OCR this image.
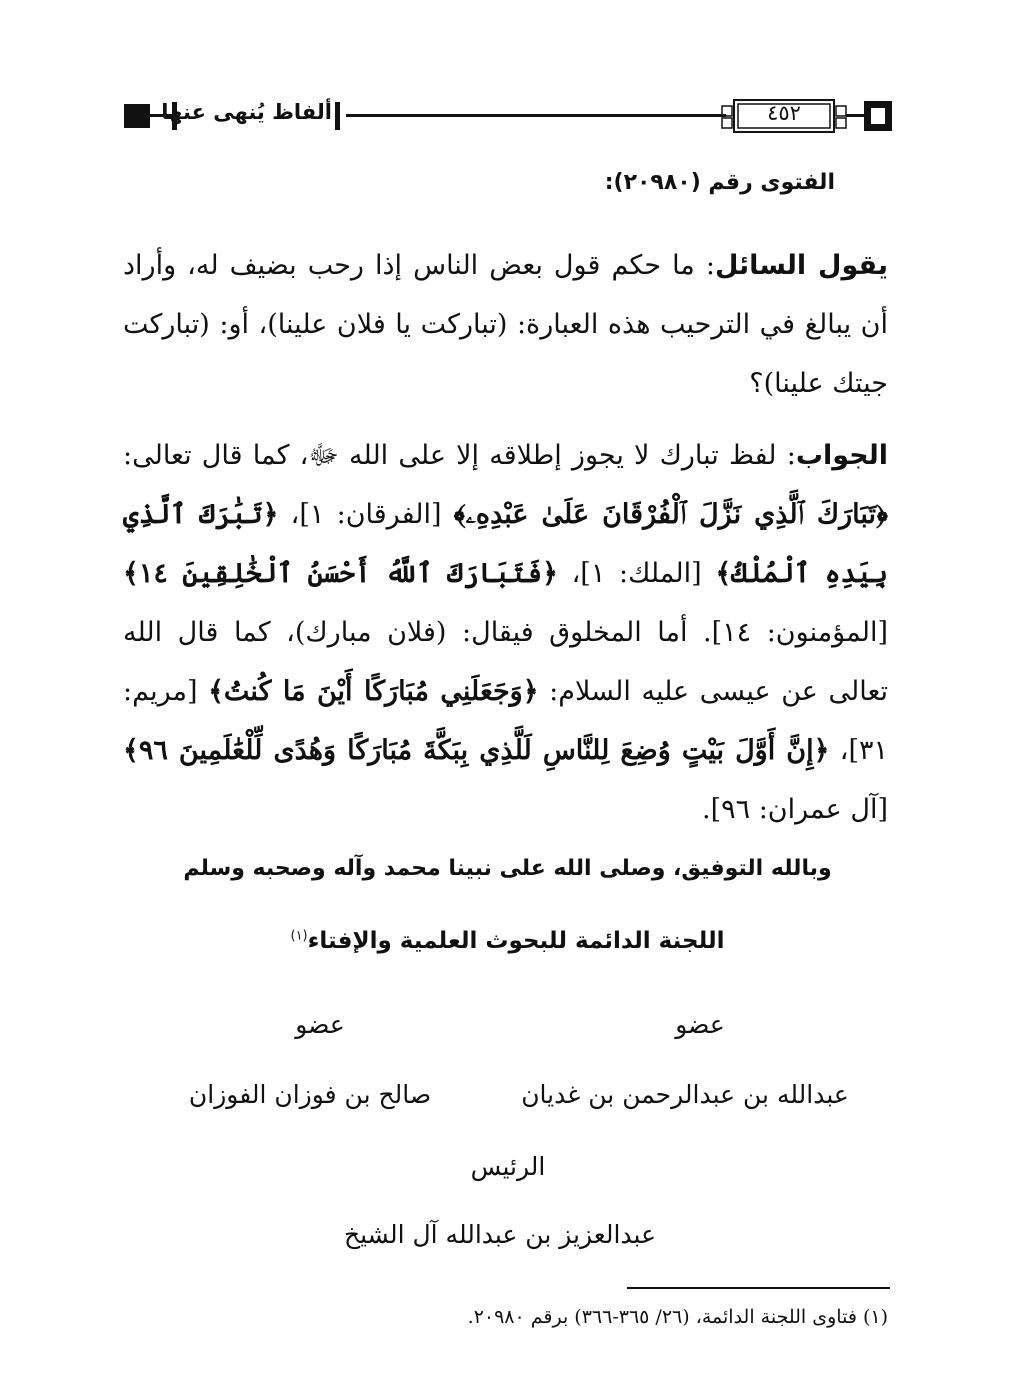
ألفاظ يُنهى عنها	٤٥٢
الفتوى رقم (٢٠٩٨٠):
يقول السائل: ما حكم قول بعض الناس إذا رحب بضيف له، وأراد أن يبالغ في الترحيب هذه العبارة: (تباركت يا فلان علينا)، أو: (تباركت جيتك علينا)؟
الجواب: لفظ تبارك لا يجوز إطلاقه إلا على الله ﷻ، كما قال تعالى: ﴿تَبَارَكَ ٱلَّذِي نَزَّلَ ٱلْفُرْقَانَ عَلَىٰ عَبْدِهِۦ﴾ [الفرقان: ١]، ﴿تَبَٰرَكَ ٱلَّذِي بِيَدِهِ ٱلْمُلْكُ﴾ [الملك: ١]، ﴿فَتَبَارَكَ ٱللَّهُ أَحْسَنُ ٱلْخَٰلِقِينَ ١٤﴾ [المؤمنون: ١٤]. أما المخلوق فيقال: (فلان مبارك)، كما قال الله تعالى عن عيسى عليه السلام: ﴿وَجَعَلَنِي مُبَارَكًا أَيْنَ مَا كُنتُ﴾ [مريم: ٣١]، ﴿إِنَّ أَوَّلَ بَيْتٍ وُضِعَ لِلنَّاسِ لَلَّذِي بِبَكَّةَ مُبَارَكًا وَهُدًى لِّلْعَٰلَمِينَ ٩٦﴾ [آل عمران: ٩٦].
وبالله التوفيق، وصلى الله على نبينا محمد وآله وصحبه وسلم
اللجنة الدائمة للبحوث العلمية والإفتاء$^{(١)}$
عضو
عضو
عبدالله بن عبدالرحمن بن غديان
صالح بن فوزان الفوزان
الرئيس
عبدالعزيز بن عبدالله آل الشيخ
(١) فتاوى اللجنة الدائمة، (٢٦/ ٣٦٥-٣٦٦) برقم ٢٠٩٨٠.
